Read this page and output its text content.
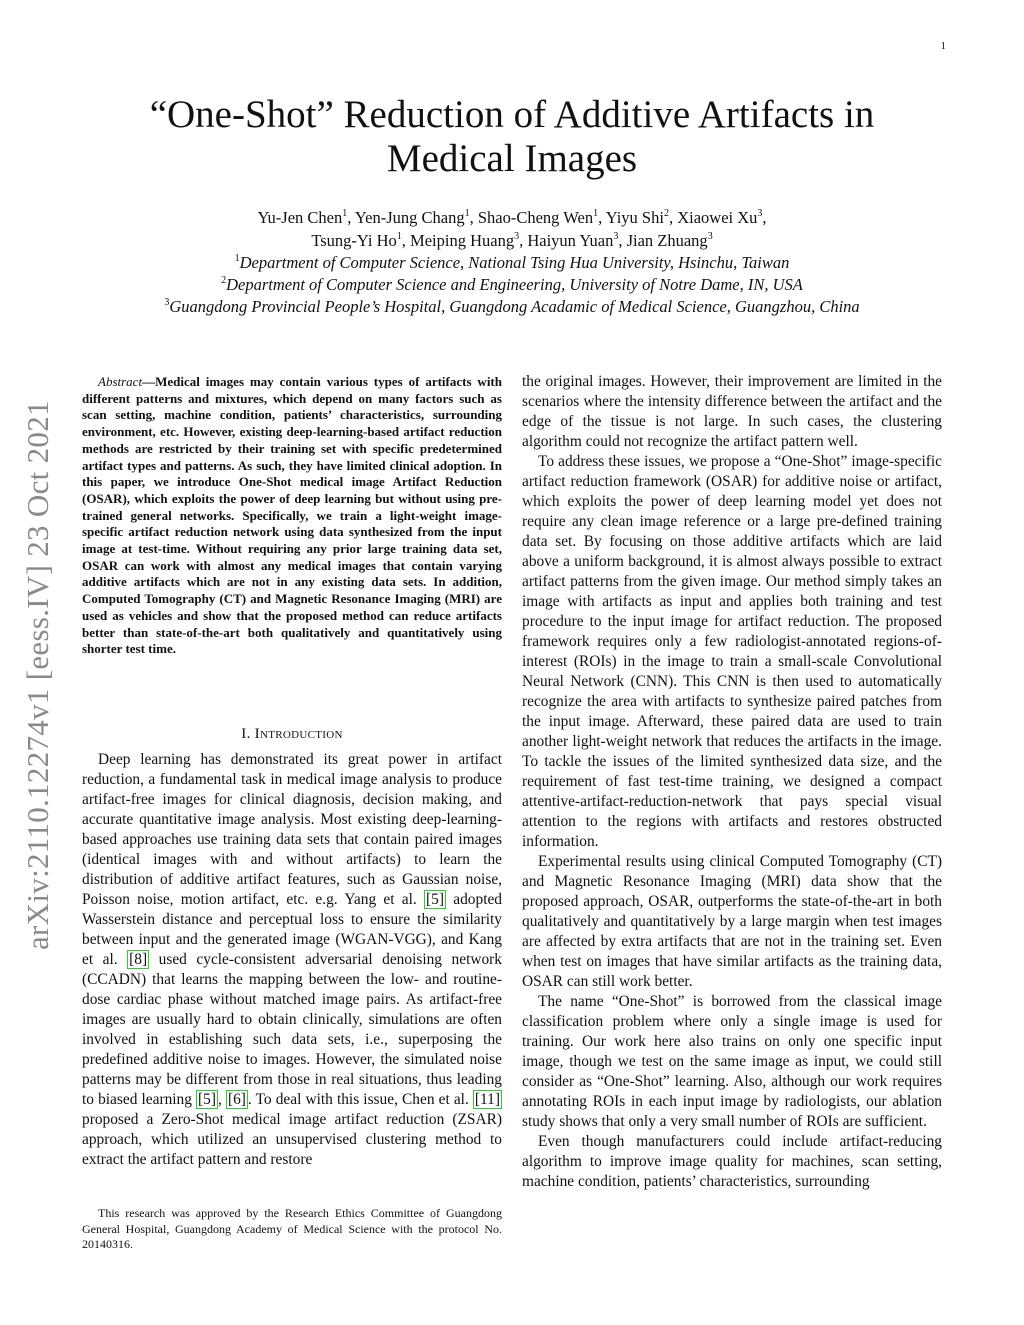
1
arXiv:2110.12274v1 [eess.IV] 23 Oct 2021
“One-Shot” Reduction of Additive Artifacts in
Medical Images
Yu-Jen Chen$^1$, Yen-Jung Chang$^1$, Shao-Cheng Wen$^1$, Yiyu Shi$^2$, Xiaowei Xu$^3$,
Tsung-Yi Ho$^1$, Meiping Huang$^3$, Haiyun Yuan$^3$, Jian Zhuang$^3$
$^1$Department of Computer Science, National Tsing Hua University, Hsinchu, Taiwan
$^2$Department of Computer Science and Engineering, University of Notre Dame, IN, USA
$^3$Guangdong Provincial People’s Hospital, Guangdong Acadamic of Medical Science, Guangzhou, China
Abstract—Medical images may contain various types of artifacts with different patterns and mixtures, which depend on many factors such as scan setting, machine condition, patients’ characteristics, surrounding environment, etc. However, existing deep-learning-based artifact reduction methods are restricted by their training set with specific predetermined artifact types and patterns. As such, they have limited clinical adoption. In this paper, we introduce One-Shot medical image Artifact Reduction (OSAR), which exploits the power of deep learning but without using pre-trained general networks. Specifically, we train a light-weight image-specific artifact reduction network using data synthesized from the input image at test-time. Without requiring any prior large training data set, OSAR can work with almost any medical images that contain varying additive artifacts which are not in any existing data sets. In addition, Computed Tomography (CT) and Magnetic Resonance Imaging (MRI) are used as vehicles and show that the proposed method can reduce artifacts better than state-of-the-art both qualitatively and quantitatively using shorter test time.
I. Introduction

Deep learning has demonstrated its great power in artifact reduction, a fundamental task in medical image analysis to produce artifact-free images for clinical diagnosis, decision making, and accurate quantitative image analysis. Most existing deep-learning-based approaches use training data sets that contain paired images (identical images with and without artifacts) to learn the distribution of additive artifact features, such as Gaussian noise, Poisson noise, motion artifact, etc. e.g. Yang et al. [5] adopted Wasserstein distance and perceptual loss to ensure the similarity between input and the generated image (WGAN-VGG), and Kang et al. [8] used cycle-consistent adversarial denoising network (CCADN) that learns the mapping between the low- and routine-dose cardiac phase without matched image pairs. As artifact-free images are usually hard to obtain clinically, simulations are often involved in establishing such data sets, i.e., superposing the predefined additive noise to images. However, the simulated noise patterns may be different from those in real situations, thus leading to biased learning [5] , [6] . To deal with this issue, Chen et al. [11] proposed a Zero-Shot medical image artifact reduction (ZSAR) approach, which utilized an unsupervised clustering method to extract the artifact pattern and restore

This research was approved by the Research Ethics Committee of Guangdong General Hospital, Guangdong Academy of Medical Science with the protocol No. 20140316.

the original images. However, their improvement are limited in the scenarios where the intensity difference between the artifact and the edge of the tissue is not large. In such cases, the clustering algorithm could not recognize the artifact pattern well.

To address these issues, we propose a “One-Shot” image-specific artifact reduction framework (OSAR) for additive noise or artifact, which exploits the power of deep learning model yet does not require any clean image reference or a large pre-defined training data set. By focusing on those additive artifacts which are laid above a uniform background, it is almost always possible to extract artifact patterns from the given image. Our method simply takes an image with artifacts as input and applies both training and test procedure to the input image for artifact reduction. The proposed framework requires only a few radiologist-annotated regions-of-interest (ROIs) in the image to train a small-scale Convolutional Neural Network (CNN). This CNN is then used to automatically recognize the area with artifacts to synthesize paired patches from the input image. Afterward, these paired data are used to train another light-weight network that reduces the artifacts in the image. To tackle the issues of the limited synthesized data size, and the requirement of fast test-time training, we designed a compact attentive-artifact-reduction-network that pays special visual attention to the regions with artifacts and restores obstructed information.

Experimental results using clinical Computed Tomography (CT) and Magnetic Resonance Imaging (MRI) data show that the proposed approach, OSAR, outperforms the state-of-the-art in both qualitatively and quantitatively by a large margin when test images are affected by extra artifacts that are not in the training set. Even when test on images that have similar artifacts as the training data, OSAR can still work better.

The name “One-Shot” is borrowed from the classical image classification problem where only a single image is used for training. Our work here also trains on only one specific input image, though we test on the same image as input, we could still consider as “One-Shot” learning. Also, although our work requires annotating ROIs in each input image by radiologists, our ablation study shows that only a very small number of ROIs are sufficient.

Even though manufacturers could include artifact-reducing algorithm to improve image quality for machines, scan setting, machine condition, patients’ characteristics, surrounding
